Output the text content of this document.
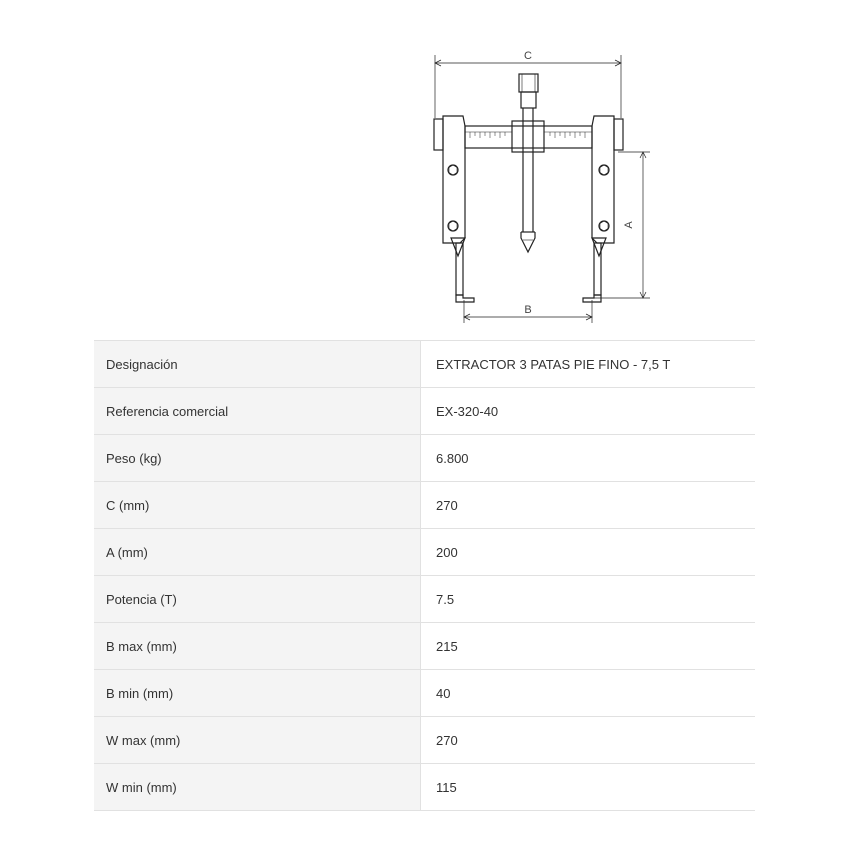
C
A
B
Designación	EXTRACTOR 3 PATAS PIE FINO - 7,5 T
Referencia comercial	EX-320-40
Peso (kg)	6.800
C (mm)	270
A (mm)	200
Potencia (T)	7.5
B max (mm)	215
B min (mm)	40
W max (mm)	270
W min (mm)	115
